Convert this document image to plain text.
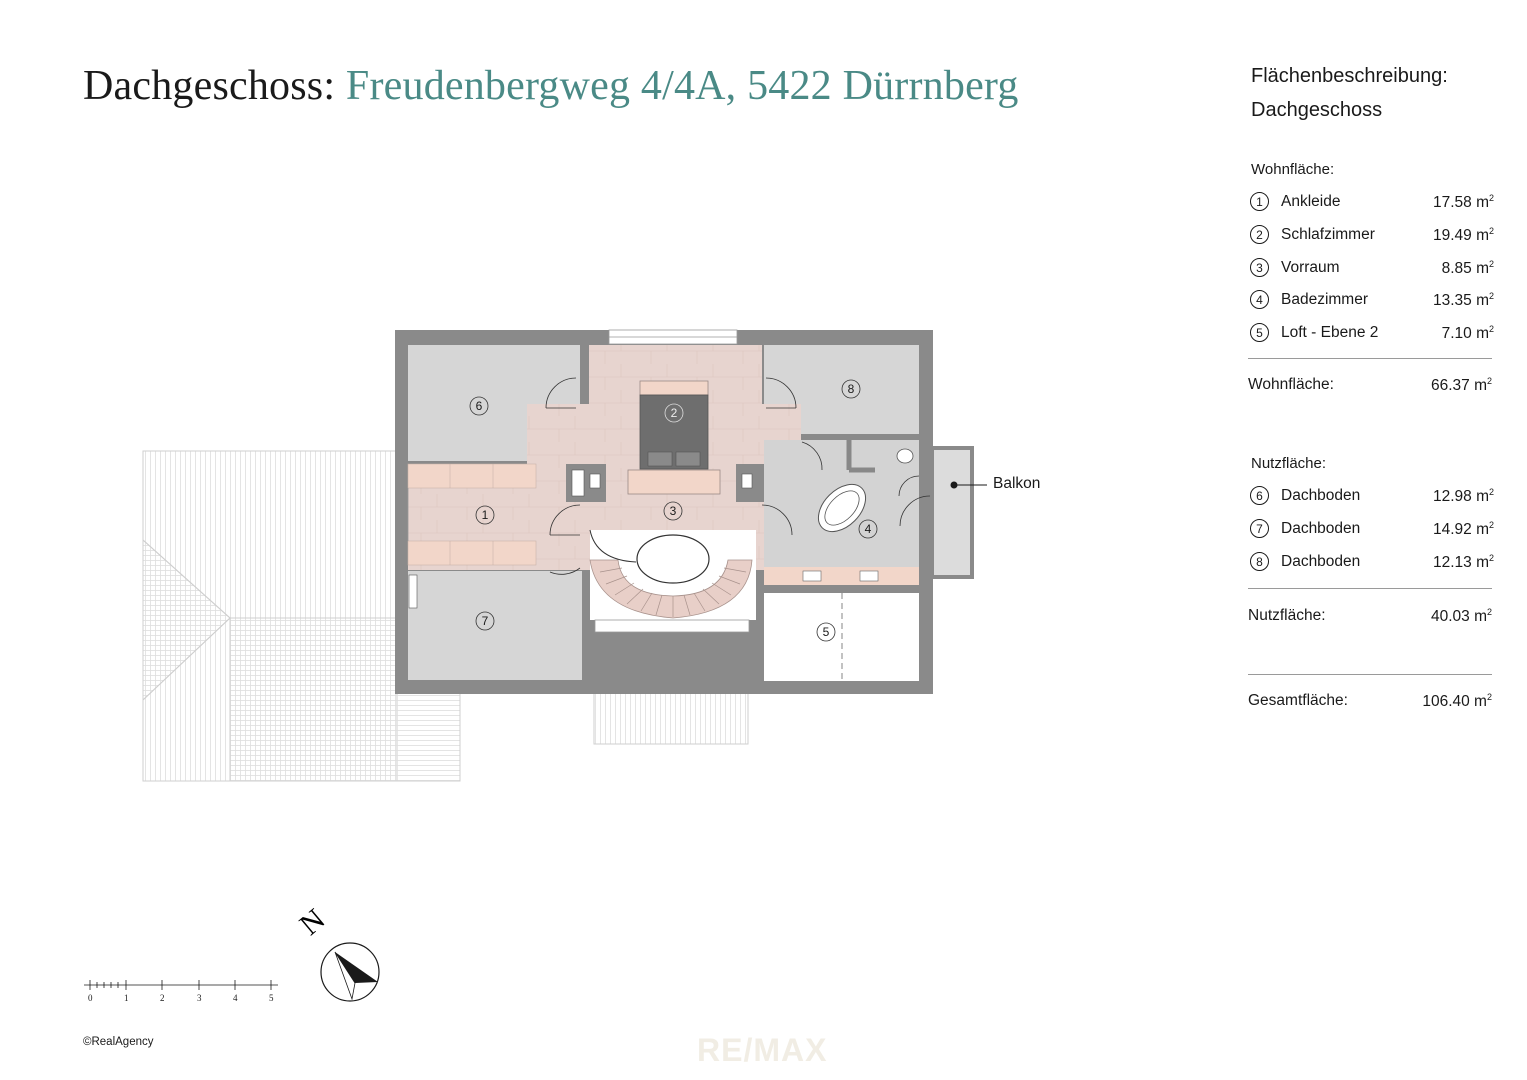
Dachgeschoss: Freudenbergweg 4/4A, 5422 Dürrnberg
1
2
3
4
5
6
7
8
N
0	1	2	3	4	5
Balkon
Flächenbeschreibung:
Dachgeschoss
Wohnfläche:
1	Ankleide	17.58 $m^2$
2	Schlafzimmer	19.49 $m^2$
3	Vorraum	8.85 $m^2$
4	Badezimmer	13.35 $m^2$
5	Loft - Ebene 2	7.10 $m^2$
Wohnfläche:	66.37 $m^2$
Nutzfläche:
6	Dachboden	12.98 $m^2$
7	Dachboden	14.92 $m^2$
8	Dachboden	12.13 $m^2$
Nutzfläche:	40.03 $m^2$
Gesamtfläche:	106.40 $m^2$
©RealAgency	RE/MAX
